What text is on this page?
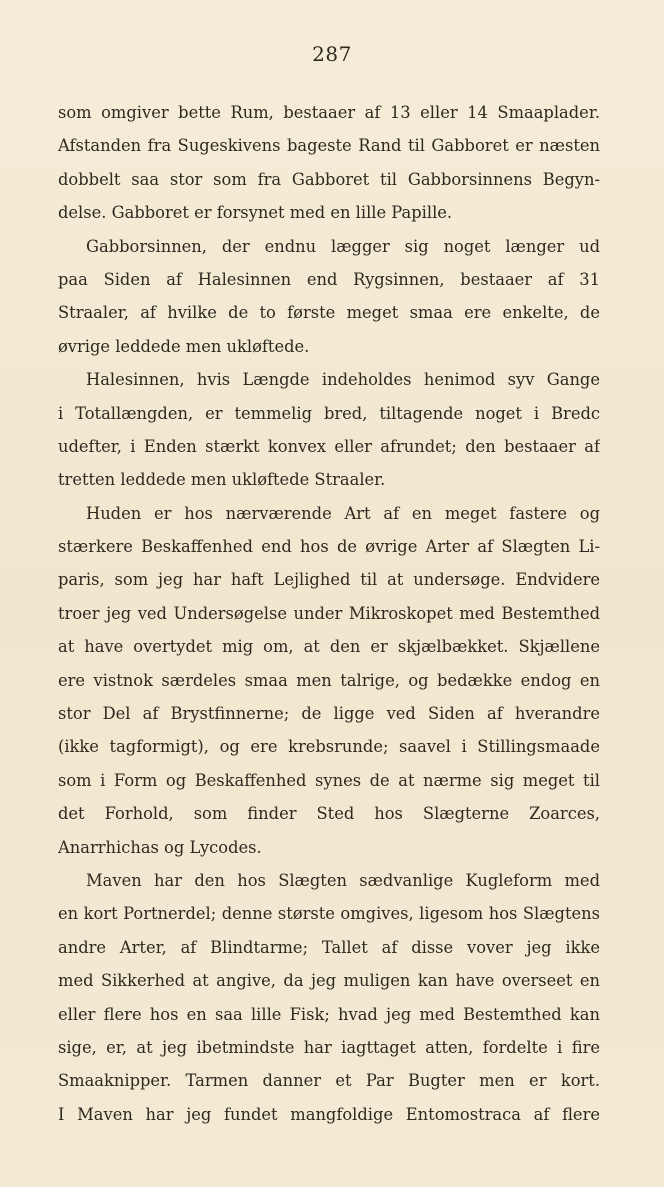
287
som omgiver bette Rum, bestaaer af 13 eller 14 Smaaplader.
Afstanden fra Sugeskivens bageste Rand til Gabboret er næsten
dobbelt saa stor som fra Gabboret til Gabborsinnens Begyn-
delse. Gabboret er forsynet med en lille Papille.
Gabborsinnen, der endnu lægger sig noget længer ud
paa Siden af Halesinnen end Rygsinnen, bestaaer af 31
Straaler, af hvilke de to første meget smaa ere enkelte, de
øvrige leddede men ukløftede.
Halesinnen, hvis Længde indeholdes henimod syv Gange
i Totallængden, er temmelig bred, tiltagende noget i Bredc
udefter, i Enden stærkt konvex eller afrundet; den bestaaer af
tretten leddede men ukløftede Straaler.
Huden er hos nærværende Art af en meget fastere og
stærkere Beskaffenhed end hos de øvrige Arter af Slægten Li-
paris, som jeg har haft Lejlighed til at undersøge. Endvidere
troer jeg ved Undersøgelse under Mikroskopet med Bestemthed
at have overtydet mig om, at den er skjælbækket. Skjællene
ere vistnok særdeles smaa men talrige, og bedække endog en
stor Del af Brystfinnerne; de ligge ved Siden af hverandre
(ikke tagformigt), og ere krebsrunde; saavel i Stillingsmaade
som i Form og Beskaffenhed synes de at nærme sig meget til
det Forhold, som finder Sted hos Slægterne Zoarces,
Anarrhichas og Lycodes.
Maven har den hos Slægten sædvanlige Kugleform med
en kort Portnerdel; denne største omgives, ligesom hos Slægtens
andre Arter, af Blindtarme; Tallet af disse vover jeg ikke
med Sikkerhed at angive, da jeg muligen kan have overseet en
eller flere hos en saa lille Fisk; hvad jeg med Bestemthed kan
sige, er, at jeg ibetmindste har iagttaget atten, fordelte i fire
Smaaknipper. Tarmen danner et Par Bugter men er kort.
I Maven har jeg fundet mangfoldige Entomostraca af flere
